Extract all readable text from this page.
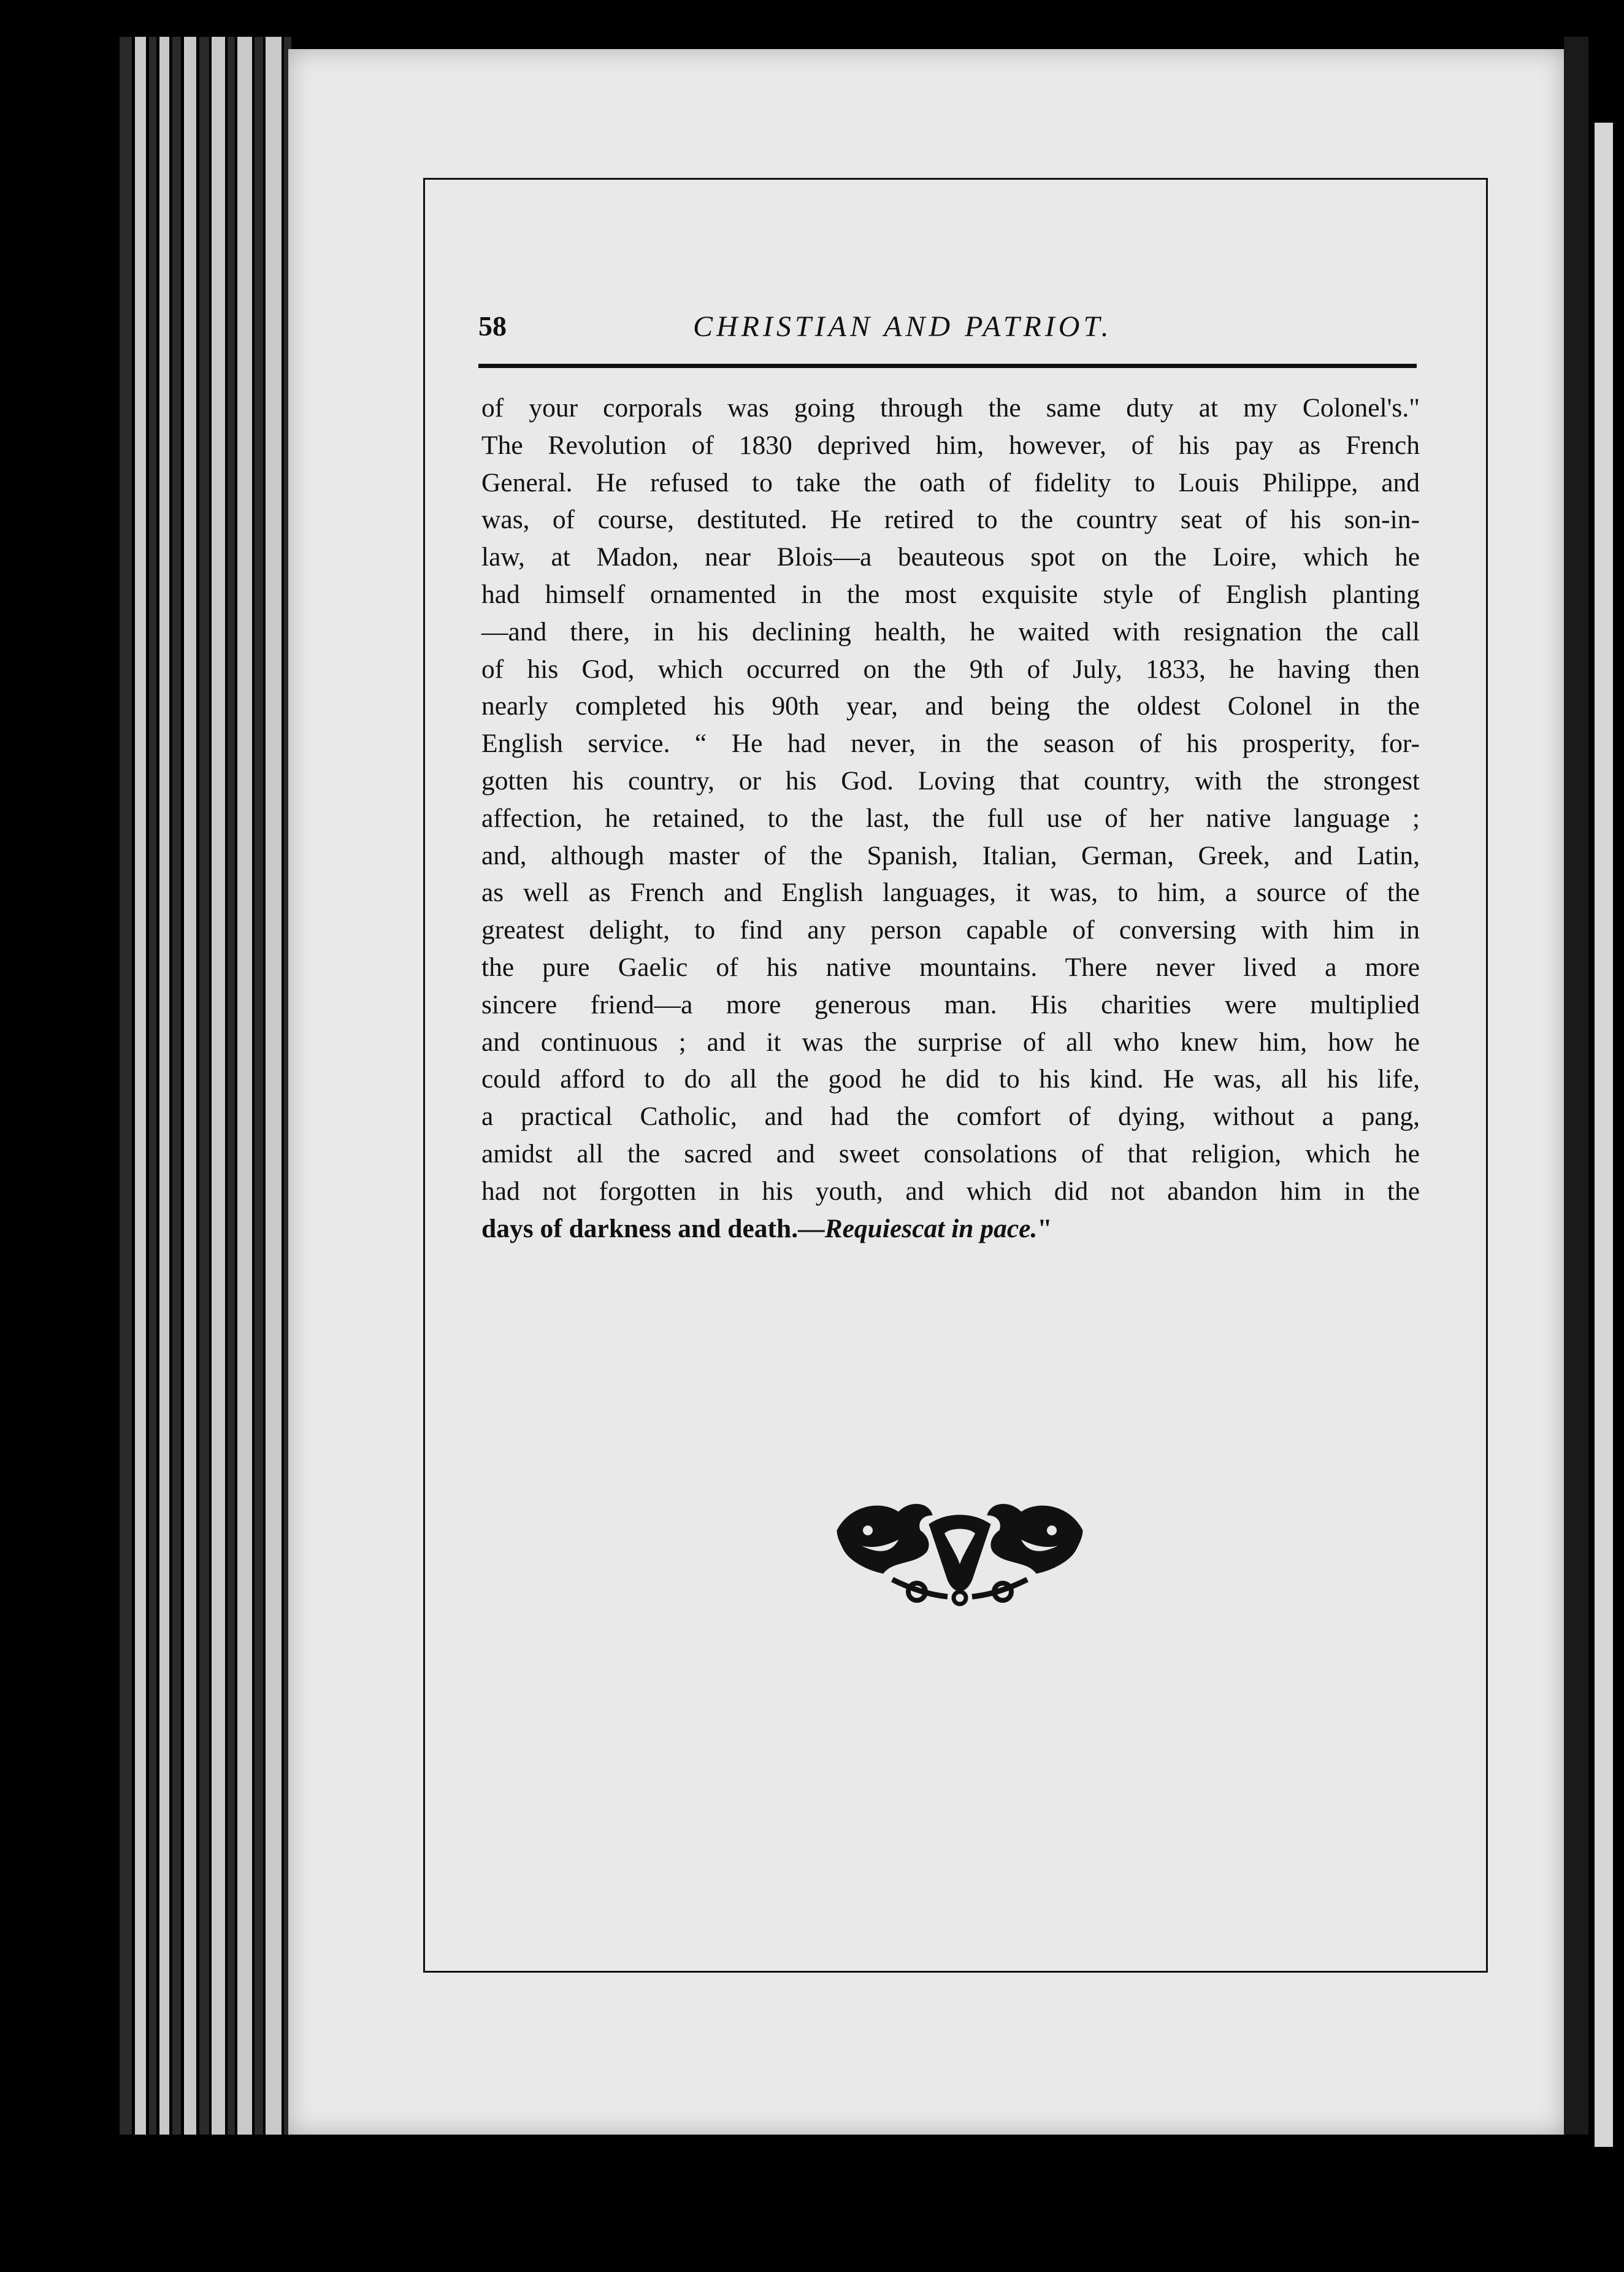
58	CHRISTIAN AND PATRIOT.
of your corporals was going through the same duty at my Colonel's."
The Revolution of 1830 deprived him, however, of his pay as French
General. He refused to take the oath of fidelity to Louis Philippe, and
was, of course, destituted. He retired to the country seat of his son-in-
law, at Madon, near Blois—a beauteous spot on the Loire, which he
had himself ornamented in the most exquisite style of English planting
—and there, in his declining health, he waited with resignation the call
of his God, which occurred on the 9th of July, 1833, he having then
nearly completed his 90th year, and being the oldest Colonel in the
English service. “ He had never, in the season of his prosperity, for-
gotten his country, or his God. Loving that country, with the strongest
affection, he retained, to the last, the full use of her native language ;
and, although master of the Spanish, Italian, German, Greek, and Latin,
as well as French and English languages, it was, to him, a source of the
greatest delight, to find any person capable of conversing with him in
the pure Gaelic of his native mountains. There never lived a more
sincere friend—a more generous man. His charities were multiplied
and continuous ; and it was the surprise of all who knew him, how he
could afford to do all the good he did to his kind. He was, all his life,
a practical Catholic, and had the comfort of dying, without a pang,
amidst all the sacred and sweet consolations of that religion, which he
had not forgotten in his youth, and which did not abandon him in the
days of darkness and death.—Requiescat in pace."
